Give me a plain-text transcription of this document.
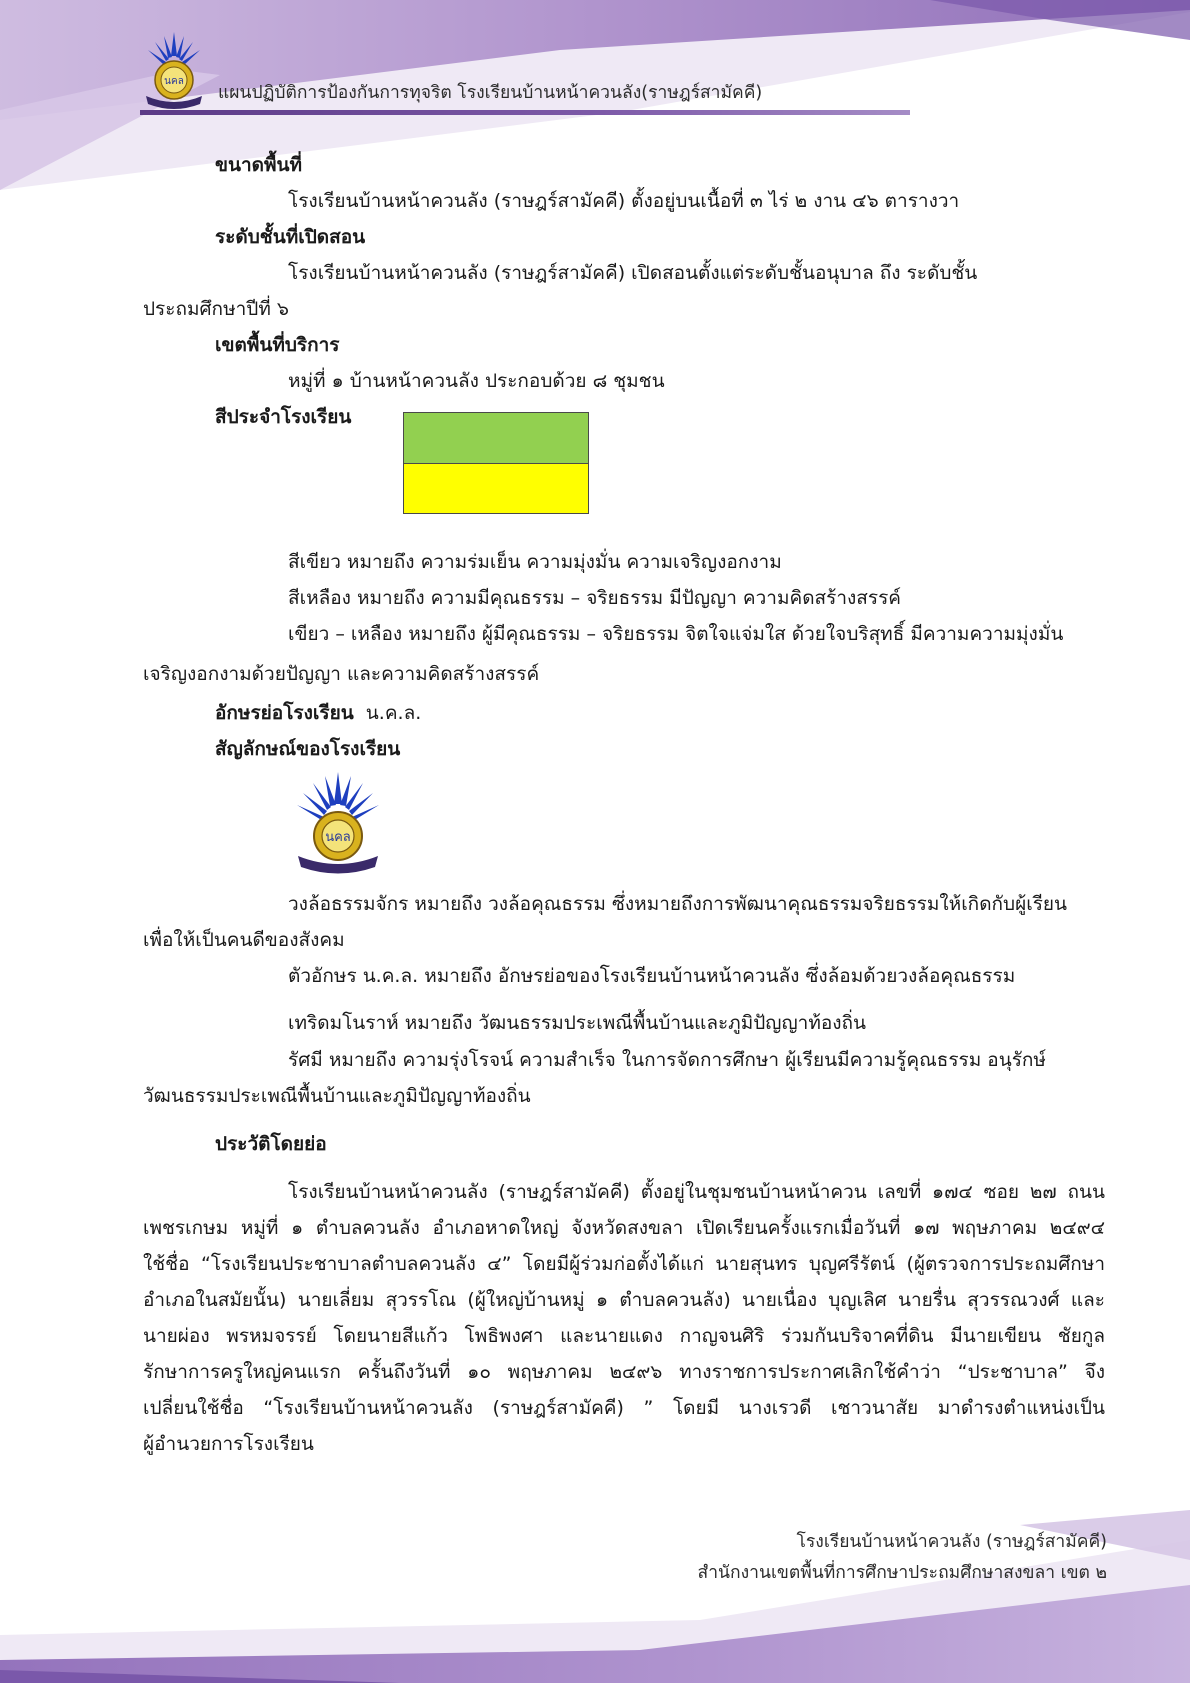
นคล
แผนปฏิบัติการป้องกันการทุจริต โรงเรียนบ้านหน้าควนลัง(ราษฎร์สามัคคี)

ขนาดพื้นที่

โรงเรียนบ้านหน้าควนลัง (ราษฎร์สามัคคี) ตั้งอยู่บนเนื้อที่ ๓ ไร่ ๒ งาน ๔๖ ตารางวา

ระดับชั้นที่เปิดสอน

โรงเรียนบ้านหน้าควนลัง (ราษฎร์สามัคคี) เปิดสอนตั้งแต่ระดับชั้นอนุบาล ถึง ระดับชั้น

ประถมศึกษาปีที่ ๖

เขตพื้นที่บริการ

หมู่ที่ ๑ บ้านหน้าควนลัง ประกอบด้วย ๘ ชุมชน

สีประจำโรงเรียน

สีเขียว หมายถึง ความร่มเย็น ความมุ่งมั่น ความเจริญงอกงาม

สีเหลือง หมายถึง ความมีคุณธรรม – จริยธรรม มีปัญญา ความคิดสร้างสรรค์

เขียว – เหลือง หมายถึง ผู้มีคุณธรรม – จริยธรรม จิตใจแจ่มใส ด้วยใจบริสุทธิ์ มีความความมุ่งมั่น

เจริญงอกงามด้วยปัญญา และความคิดสร้างสรรค์

อักษรย่อโรงเรียน น.ค.ล.

สัญลักษณ์ของโรงเรียน

นคล

วงล้อธรรมจักร หมายถึง วงล้อคุณธรรม ซึ่งหมายถึงการพัฒนาคุณธรรมจริยธรรมให้เกิดกับผู้เรียน

เพื่อให้เป็นคนดีของสังคม

ตัวอักษร น.ค.ล. หมายถึง อักษรย่อของโรงเรียนบ้านหน้าควนลัง ซึ่งล้อมด้วยวงล้อคุณธรรม

เทริดมโนราห์ หมายถึง วัฒนธรรมประเพณีพื้นบ้านและภูมิปัญญาท้องถิ่น

รัศมี หมายถึง ความรุ่งโรจน์ ความสำเร็จ ในการจัดการศึกษา ผู้เรียนมีความรู้คุณธรรม อนุรักษ์

วัฒนธรรมประเพณีพื้นบ้านและภูมิปัญญาท้องถิ่น

ประวัติโดยย่อ

โรงเรียนบ้านหน้าควนลัง (ราษฎร์สามัคคี) ตั้งอยู่ในชุมชนบ้านหน้าควน เลขที่ ๑๗๔ ซอย ๒๗ ถนน

เพชรเกษม หมู่ที่ ๑ ตำบลควนลัง อำเภอหาดใหญ่ จังหวัดสงขลา เปิดเรียนครั้งแรกเมื่อวันที่ ๑๗ พฤษภาคม ๒๔๙๔

ใช้ชื่อ “โรงเรียนประชาบาลตำบลควนลัง ๔” โดยมีผู้ร่วมก่อตั้งได้แก่ นายสุนทร บุญศรีรัตน์ (ผู้ตรวจการประถมศึกษา

อำเภอในสมัยนั้น) นายเลี่ยม สุวรรโณ (ผู้ใหญ่บ้านหมู่ ๑ ตำบลควนลัง) นายเนื่อง บุญเลิศ นายรื่น สุวรรณวงศ์ และ

นายผ่อง พรหมจรรย์ โดยนายสีแก้ว โพธิพงศา และนายแดง กาญจนศิริ ร่วมกันบริจาคที่ดิน มีนายเขียน ชัยกูล

รักษาการครูใหญ่คนแรก ครั้นถึงวันที่ ๑๐ พฤษภาคม ๒๔๙๖ ทางราชการประกาศเลิกใช้คำว่า “ประชาบาล” จึง

เปลี่ยนใช้ชื่อ “โรงเรียนบ้านหน้าควนลัง (ราษฎร์สามัคคี) ” โดยมี นางเรวดี เชาวนาสัย มาดำรงตำแหน่งเป็น

ผู้อำนวยการโรงเรียน

โรงเรียนบ้านหน้าควนลัง (ราษฎร์สามัคคี)
สำนักงานเขตพื้นที่การศึกษาประถมศึกษาสงขลา เขต ๒
